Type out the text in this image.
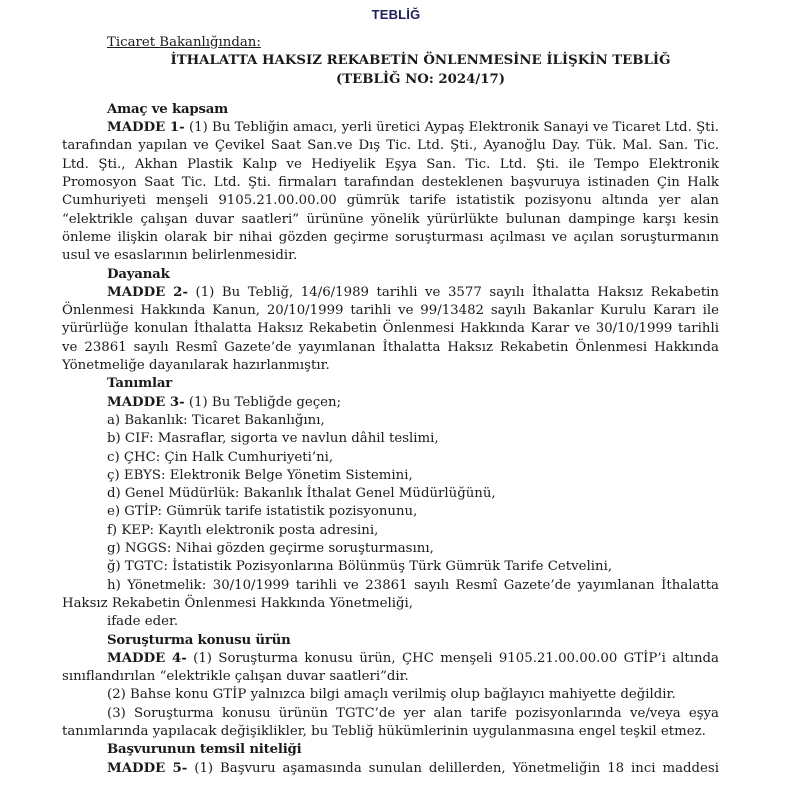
TEBLİĞ
Ticaret Bakanlığından:
İTHALATTA HAKSIZ REKABETİN ÖNLENMESİNE İLİŞKİN TEBLİĞ
(TEBLİĞ NO: 2024/17)
Amaç ve kapsam
MADDE 1- (1) Bu Tebliğin amacı, yerli üretici Aypaş Elektronik Sanayi ve Ticaret Ltd. Şti. tarafından yapılan ve Çevikel Saat San.ve Dış Tic. Ltd. Şti., Ayanoğlu Day. Tük. Mal. San. Tic. Ltd. Şti., Akhan Plastik Kalıp ve Hediyelik Eşya San. Tic. Ltd. Şti. ile Tempo Elektronik Promosyon Saat Tic. Ltd. Şti. firmaları tarafından desteklenen başvuruya istinaden Çin Halk Cumhuriyeti menşeli 9105.21.00.00.00 gümrük tarife istatistik pozisyonu altında yer alan “elektrikle çalışan duvar saatleri” ürününe yönelik yürürlükte bulunan dampinge karşı kesin önleme ilişkin olarak bir nihai gözden geçirme soruşturması açılması ve açılan soruşturmanın usul ve esaslarının belirlenmesidir.
Dayanak
MADDE 2- (1) Bu Tebliğ, 14/6/1989 tarihli ve 3577 sayılı İthalatta Haksız Rekabetin Önlenmesi Hakkında Kanun, 20/10/1999 tarihli ve 99/13482 sayılı Bakanlar Kurulu Kararı ile yürürlüğe konulan İthalatta Haksız Rekabetin Önlenmesi Hakkında Karar ve 30/10/1999 tarihli ve 23861 sayılı Resmî Gazete’de yayımlanan İthalatta Haksız Rekabetin Önlenmesi Hakkında Yönetmeliğe dayanılarak hazırlanmıştır.
Tanımlar
MADDE 3- (1) Bu Tebliğde geçen;
a) Bakanlık: Ticaret Bakanlığını,
b) CIF: Masraflar, sigorta ve navlun dâhil teslimi,
c) ÇHC: Çin Halk Cumhuriyeti’ni,
ç) EBYS: Elektronik Belge Yönetim Sistemini,
d) Genel Müdürlük: Bakanlık İthalat Genel Müdürlüğünü,
e) GTİP: Gümrük tarife istatistik pozisyonunu,
f) KEP: Kayıtlı elektronik posta adresini,
g) NGGS: Nihai gözden geçirme soruşturmasını,
ğ) TGTC: İstatistik Pozisyonlarına Bölünmüş Türk Gümrük Tarife Cetvelini,
h) Yönetmelik: 30/10/1999 tarihli ve 23861 sayılı Resmî Gazete’de yayımlanan İthalatta Haksız Rekabetin Önlenmesi Hakkında Yönetmeliği,
ifade eder.
Soruşturma konusu ürün
MADDE 4- (1) Soruşturma konusu ürün, ÇHC menşeli 9105.21.00.00.00 GTİP’i altında sınıflandırılan “elektrikle çalışan duvar saatleri”dir.
(2) Bahse konu GTİP yalnızca bilgi amaçlı verilmiş olup bağlayıcı mahiyette değildir.
(3) Soruşturma konusu ürünün TGTC’de yer alan tarife pozisyonlarında ve/veya eşya tanımlarında yapılacak değişiklikler, bu Tebliğ hükümlerinin uygulanmasına engel teşkil etmez.
Başvurunun temsil niteliği
MADDE 5- (1) Başvuru aşamasında sunulan delillerden, Yönetmeliğin 18 inci maddesi
